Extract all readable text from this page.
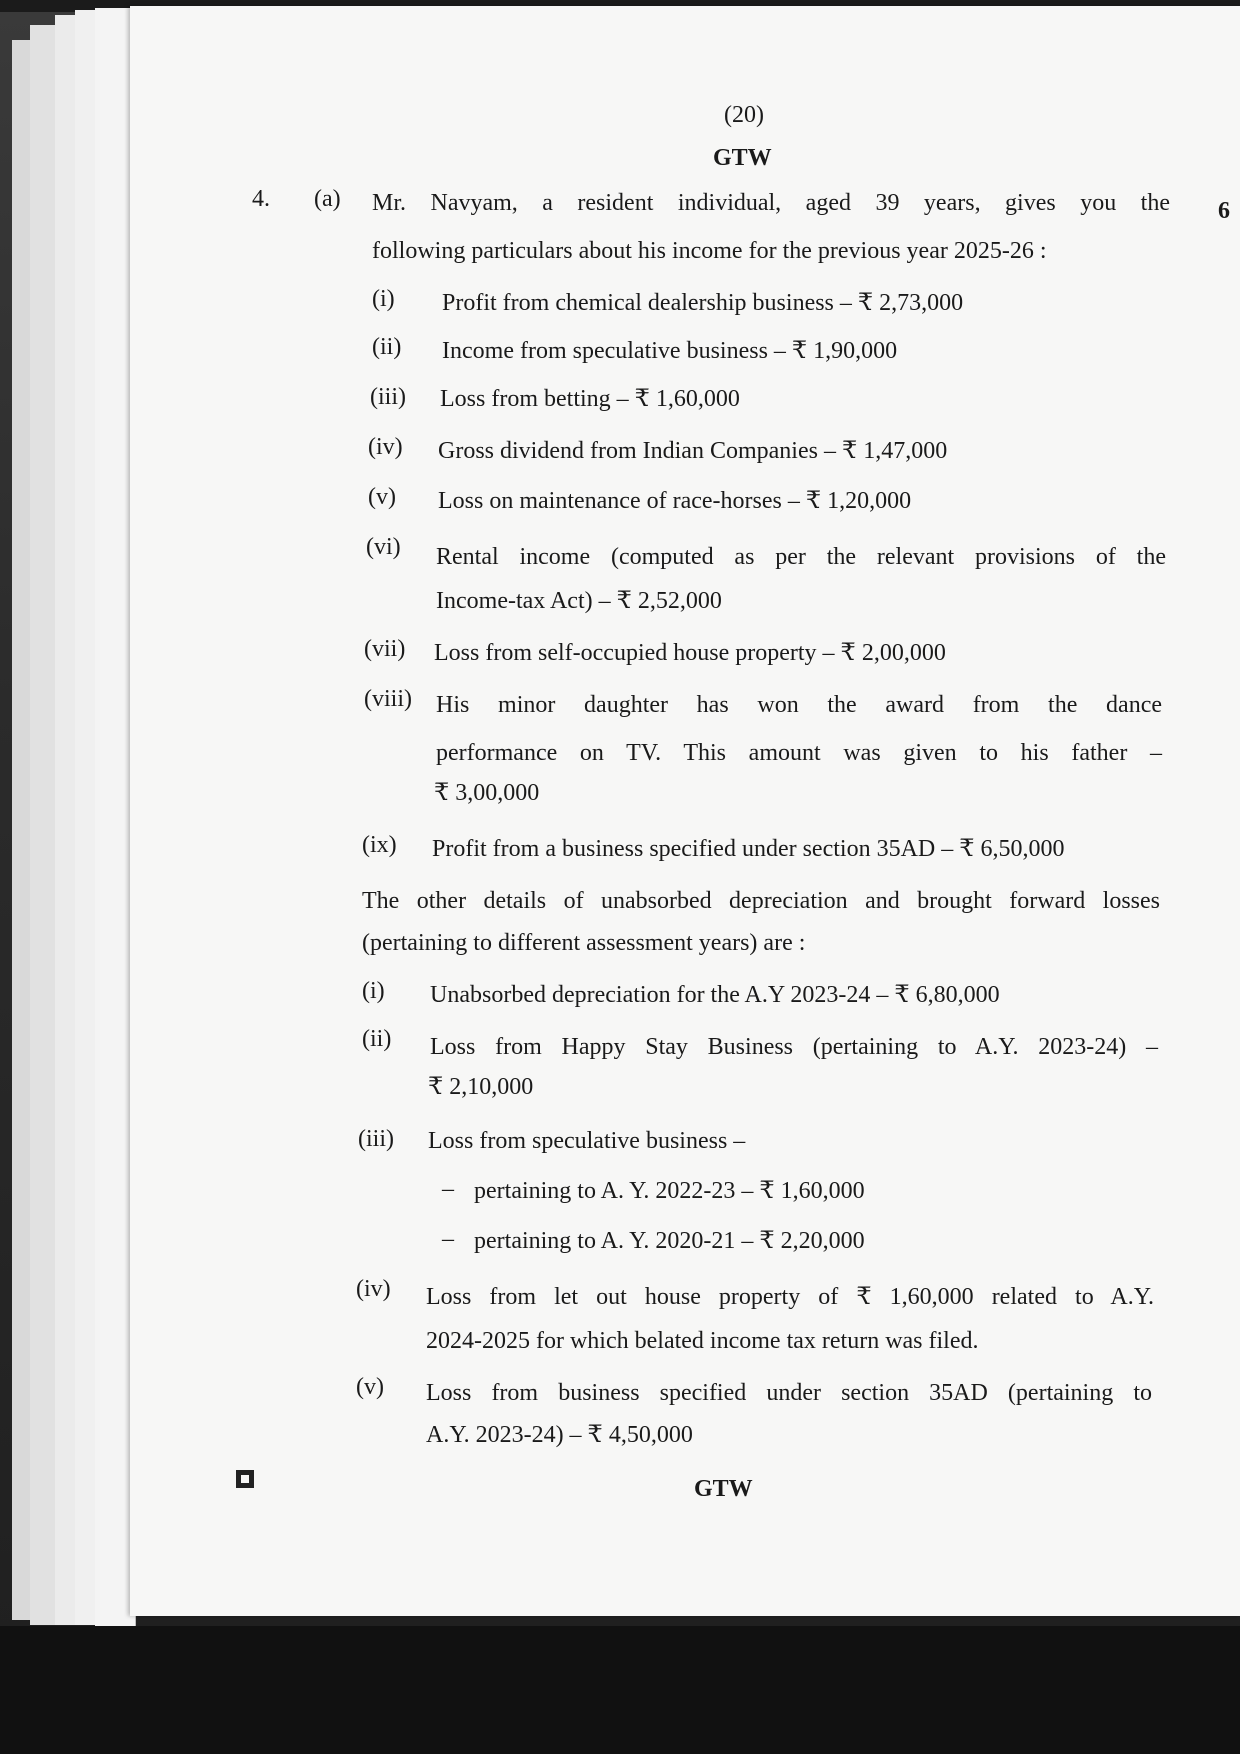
(20)
GTW
4. (a) Mr. Navyam, a resident individual, aged 39 years, gives you the 6
following particulars about his income for the previous year 2025-26 :
(i) Profit from chemical dealership business – ₹ 2,73,000
(ii) Income from speculative business – ₹ 1,90,000
(iii) Loss from betting – ₹ 1,60,000
(iv) Gross dividend from Indian Companies – ₹ 1,47,000
(v) Loss on maintenance of race-horses – ₹ 1,20,000
(vi) Rental income (computed as per the relevant provisions of the
Income-tax Act) – ₹ 2,52,000
(vii) Loss from self-occupied house property – ₹ 2,00,000
(viii) His minor daughter has won the award from the dance
performance on TV. This amount was given to his father –
₹ 3,00,000
(ix) Profit from a business specified under section 35AD – ₹ 6,50,000
The other details of unabsorbed depreciation and brought forward losses
(pertaining to different assessment years) are :
(i) Unabsorbed depreciation for the A.Y 2023-24 – ₹ 6,80,000
(ii) Loss from Happy Stay Business (pertaining to A.Y. 2023-24) –
₹ 2,10,000
(iii) Loss from speculative business –
– pertaining to A. Y. 2022-23 – ₹ 1,60,000
– pertaining to A. Y. 2020-21 – ₹ 2,20,000
(iv) Loss from let out house property of ₹ 1,60,000 related to A.Y.
2024-2025 for which belated income tax return was filed.
(v) Loss from business specified under section 35AD (pertaining to
A.Y. 2023-24) – ₹ 4,50,000
GTW
